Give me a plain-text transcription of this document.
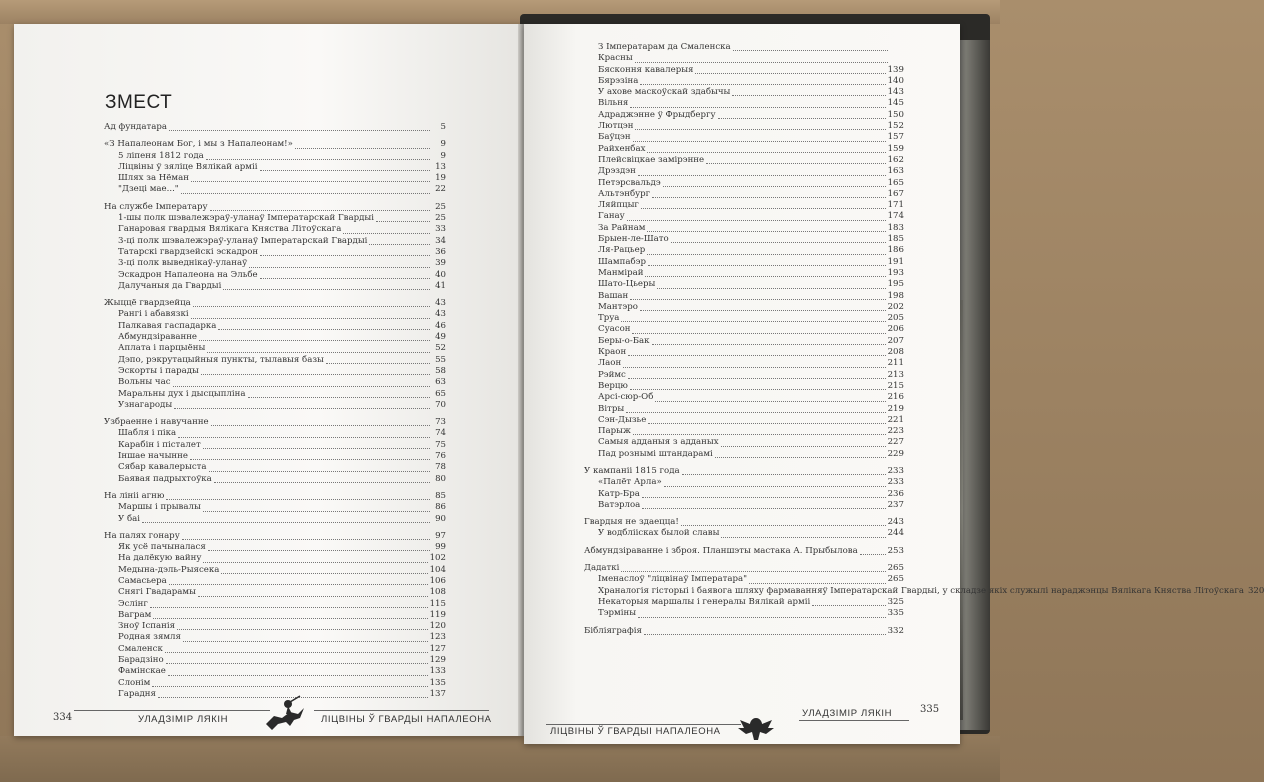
ЗМЕСТ
Ад фундатара	5
«З Напалеонам Бог, і мы з Напалеонам!»	9
5 ліпеня 1812 года	9
Ліцвіны ў зяліце Вялікай арміі	13
Шлях за Нёман	19
"Дзеці мае..."	22
На службе Імператару	25
1-шы полк шэвалежэраў-уланаў Імператарскай Гвардыі	25
Ганаровая гвардыя Вялікага Княства Літоўскага	33
3-ці полк шэвалежэраў-уланаў Імператарскай Гвардыі	34
Татарскі гвардзейскі эскадрон	36
3-ці полк выведнікаў-уланаў	39
Эскадрон Напалеона на Эльбе	40
Далучаныя да Гвардыі	41
Жыццё гвардзейца	43
Рангі і абавязкі	43
Палкавая гаспадарка	46
Абмундзіраванне	49
Аплата і парцыёны	52
Дэпо, рэкрутацыйныя пункты, тылавыя базы	55
Эскорты і парады	58
Вольны час	63
Маральны дух і дысцыпліна	65
Узнагароды	70
Узбраенне і навучанне	73
Шабля і піка	74
Карабін і пісталет	75
Іншае начынне	76
Сябар кавалерыста	78
Баявая падрыхтоўка	80
На лініі агню	85
Маршы і прывалы	86
У баі	90
На палях гонару	97
Як усё пачыналася	99
На далёкую вайну	102
Медына-дэль-Рыясека	104
Самасьера	106
Снягі Гвадарамы	108
Эслінг	115
Ваграм	119
Зноў Іспанія	120
Родная зямля	123
Смаленск	127
Барадзіно	129
Фамінскае	133
Слонім	135
Гарадня	137
334	УЛАДЗІМІР ЛЯКІН	ЛІЦВІНЫ Ў ГВАРДЫІ НАПАЛЕОНА
З Імператарам да Смаленска
Красны
Бясконня кавалерыя	139
Бярэзіна	140
У ахове маскоўскай здабычы	143
Вільня	145
Адраджэнне ў Фрыдбергу	150
Лютцэн	152
Баўцэн	157
Райхенбах	159
Плейсвіцкае замірэнне	162
Дрэздэн	163
Петэрсвальдэ	165
Альтэнбург	167
Ляйпцыг	171
Ганау	174
За Райнам	183
Брыен-ле-Шато	185
Ля-Рацьер	186
Шампабэр	191
Манмірай	193
Шато-Цьеры	195
Вашан	198
Мантэро	202
Труа	205
Суасон	206
Беры-о-Бак	207
Краон	208
Лаон	211
Рэймс	213
Верцю	215
Арсі-сюр-Об	216
Вітры	219
Сэн-Дызье	221
Парыж	223
Самыя адданыя з адданых	227
Пад рознымі штандарамі	229
У кампаніі 1815 года	233
«Палёт Арла»	233
Катр-Бра	236
Ватэрлоа	237
Гвардыя не здаецца!	243
У водбліісках былой славы	244
Абмундзіраванне і зброя. Планшэты мастака А. Прыбылова	253
Дадаткі	265
Іменаслоў "ліцвінаў Імператара"	265
Храналогія гісторыі і баявога шляху фармаванняў Імператарскай Гвардыі, у складзе якіх служылі нараджэнцы Вялікага Княства Літоўскага 320
Некаторыя маршалы і генералы Вялікай арміі	325
Тэрміны	335
Бібліяграфія	332
335
ЛІЦВІНЫ Ў ГВАРДЫІ НАПАЛЕОНА
УЛАДЗІМІР ЛЯКІН
